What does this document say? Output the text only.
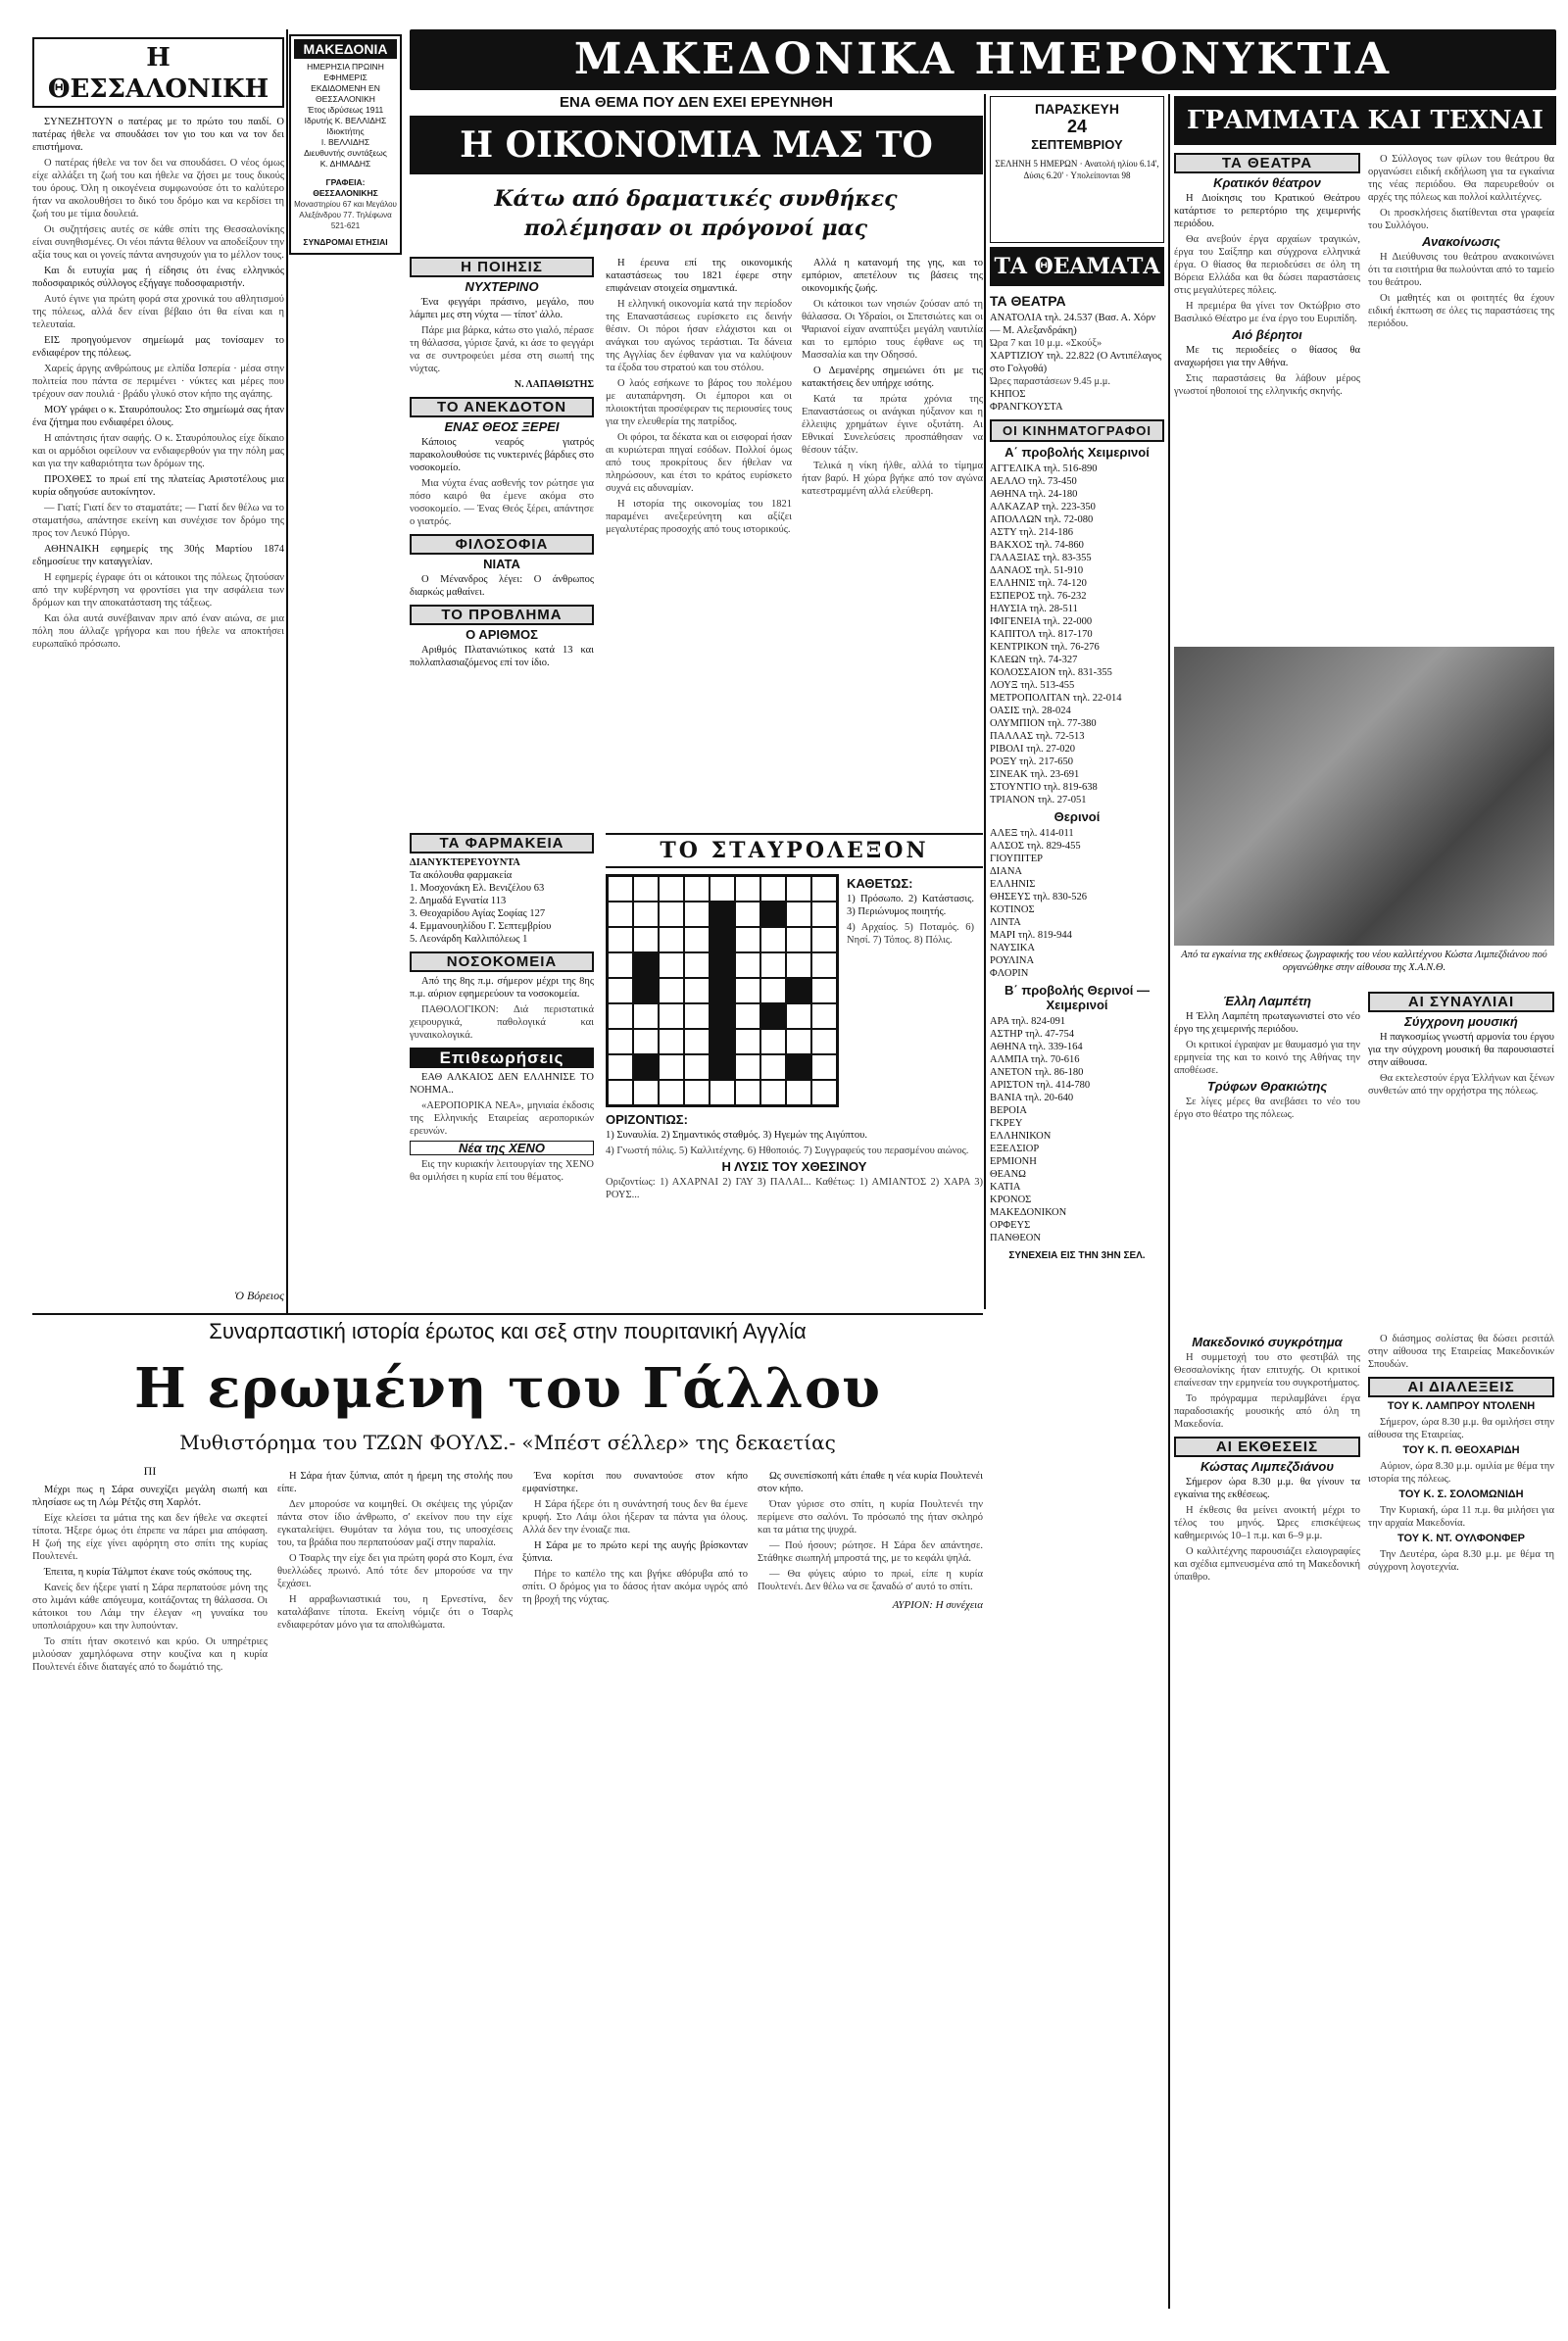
ΜΑΚΕΔΟΝΙΑ
ΗΜΕΡΗΣΙΑ ΠΡΩΙΝΗ ΕΦΗΜΕΡΙΣ
ΕΚΔΙΔΟΜΕΝΗ ΕΝ ΘΕΣΣΑΛΟΝΙΚΗ
Έτος ιδρύσεως 1911
Ιδρυτής Κ. ΒΕΛΛΙΔΗΣ
Ιδιοκτήτης
Ι. ΒΕΛΛΙΔΗΣ
Διευθυντής συντάξεως
Κ. ΔΗΜΑΔΗΣ
ΓΡΑΦΕΙΑ: ΘΕΣΣΑΛΟΝΙΚΗΣ
Μοναστηρίου 67 και Μεγάλου Αλεξάνδρου 77. Τηλέφωνα 521-621
ΣΥΝΔΡΟΜΑΙ ΕΤΗΣΙΑΙ
ΜΑΚΕΔΟΝΙΚΑ ΗΜΕΡΟΝΥΚΤΙΑ
ΠΑΡΑΣΚΕΥΗ
24
ΣΕΠΤΕΜΒΡΙΟΥ
ΣΕΛΗΝΗ 5 ΗΜΕΡΩΝ · Ανατολή ηλίου 6.14', Δύσις 6.20' · Υπολείπονται 98
Η ΘΕΣΣΑΛΟΝΙΚΗ

ΣΥΝΕΖΗΤΟΥΝ ο πατέρας με το πρώτο του παιδί. Ο πατέρας ήθελε να σπουδάσει τον γιο του και να τον δει επιστήμονα.

Ο πατέρας ήθελε να τον δει να σπουδάσει. Ο νέος όμως είχε αλλάξει τη ζωή του και ήθελε να ζήσει με τους δικούς του όρους. Όλη η οικογένεια συμφωνούσε ότι το καλύτερο ήταν να ακολουθήσει το δικό του δρόμο και να κερδίσει τη ζωή του με τίμια δουλειά.

Οι συζητήσεις αυτές σε κάθε σπίτι της Θεσσαλονίκης είναι συνηθισμένες. Οι νέοι πάντα θέλουν να αποδείξουν την αξία τους και οι γονείς πάντα ανησυχούν για το μέλλον τους.

Και δι ευτυχία μας ή είδησις ότι ένας ελληνικός ποδοσφαιρικός σύλλογος εξήγαγε ποδοσφαιριστήν.

Αυτό έγινε για πρώτη φορά στα χρονικά του αθλητισμού της πόλεως, αλλά δεν είναι βέβαιο ότι θα είναι και η τελευταία.

ΕΙΣ προηγούμενον σημείωμά μας τονίσαμεν το ενδιαφέρον της πόλεως.

Χαρείς άργης ανθρώπους με ελπίδα Ισπερία · μέσα στην πολιτεία που πάντα σε περιμένει · νύκτες και μέρες που τρέχουν σαν πουλιά · βράδυ γλυκό στον κήπο της αγάπης.

ΜΟΥ γράφει ο κ. Σταυρόπουλος: Στο σημείωμά σας ήταν ένα ζήτημα που ενδιαφέρει όλους.

Η απάντησις ήταν σαφής. Ο κ. Σταυρόπουλος είχε δίκαιο και οι αρμόδιοι οφείλουν να ενδιαφερθούν για την πόλη μας και για την καθαριότητα των δρόμων της.

ΠΡΟΧΘΕΣ το πρωί επί της πλατείας Αριστοτέλους μια κυρία οδηγούσε αυτοκίνητον.

— Γιατί; Γιατί δεν το σταματάτε; — Γιατί δεν θέλω να το σταματήσω, απάντησε εκείνη και συνέχισε τον δρόμο της προς τον Λευκό Πύργο.

ΑΘΗΝΑΙΚΗ εφημερίς της 30ής Μαρτίου 1874 εδημοσίευε την καταγγελίαν.

Η εφημερίς έγραφε ότι οι κάτοικοι της πόλεως ζητούσαν από την κυβέρνηση να φροντίσει για την ασφάλεια των δρόμων και την αποκατάσταση της τάξεως.

Και όλα αυτά συνέβαιναν πριν από έναν αιώνα, σε μια πόλη που άλλαζε γρήγορα και που ήθελε να αποκτήσει ευρωπαϊκό πρόσωπο.

Ὁ Βόρειος
ΕΝΑ ΘΕΜΑ ΠΟΥ ΔΕΝ ΕΧΕΙ ΕΡΕΥΝΗΘΗ
Η ΟΙΚΟΝΟΜΙΑ ΜΑΣ ΤΟ
Κάτω από δραματικές συνθήκες πολέμησαν οι πρόγονοί μας
Η ΠΟΙΗΣΙΣ
ΝΥΧΤΕΡΙΝΟ

Ένα φεγγάρι πράσινο, μεγάλο, που λάμπει μες στη νύχτα — τίποτ' άλλο.

Πάρε μια βάρκα, κάτω στο γιαλό, πέρασε τη θάλασσα, γύρισε ξανά, κι άσε το φεγγάρι να σε συντροφεύει μέσα στη σιωπή της νύχτας.

Ν. ΛΑΠΑΘΙΩΤΗΣ
ΤΟ ΑΝΕΚΔΟΤΟΝ
ΕΝΑΣ ΘΕΟΣ ΞΕΡΕΙ

Κάποιος νεαρός γιατρός παρακολουθούσε τις νυκτερινές βάρδιες στο νοσοκομείο.

Μια νύχτα ένας ασθενής τον ρώτησε για πόσο καιρό θα έμενε ακόμα στο νοσοκομείο. — Ένας Θεός ξέρει, απάντησε ο γιατρός.

ΦΙΛΟΣΟΦΙΑ
ΝΙΑΤΑ

Ο Μένανδρος λέγει: Ο άνθρωπος διαρκώς μαθαίνει.

ΤΟ ΠΡΟΒΛΗΜΑ
Ο ΑΡΙΘΜΟΣ

Αριθμός Πλατανιώτικος κατά 13 και πολλαπλασιαζόμενος επί τον ίδιο.

Η έρευνα επί της οικονομικής καταστάσεως του 1821 έφερε στην επιφάνειαν στοιχεία σημαντικά.

Η ελληνική οικονομία κατά την περίοδον της Επαναστάσεως ευρίσκετο εις δεινήν θέσιν. Οι πόροι ήσαν ελάχιστοι και οι ανάγκαι του αγώνος τεράστιαι. Τα δάνεια της Αγγλίας δεν έφθαναν για να καλύψουν τα έξοδα του στρατού και του στόλου.

Ο λαός εσήκωνε το βάρος του πολέμου με αυταπάρνηση. Οι έμποροι και οι πλοιοκτήται προσέφεραν τις περιουσίες τους για την ελευθερία της πατρίδος.

Οι φόροι, τα δέκατα και οι εισφοραί ήσαν αι κυριώτεραι πηγαί εσόδων. Πολλοί όμως από τους προκρίτους δεν ήθελαν να πληρώσουν, και έτσι το κράτος ευρίσκετο συχνά εις αδυναμίαν.

Η ιστορία της οικονομίας του 1821 παραμένει ανεξερεύνητη και αξίζει μεγαλυτέρας προσοχής από τους ιστορικούς.

Αλλά η κατανομή της γης, και το εμπόριον, απετέλουν τις βάσεις της οικονομικής ζωής.

Οι κάτοικοι των νησιών ζούσαν από τη θάλασσα. Οι Υδραίοι, οι Σπετσιώτες και οι Ψαριανοί είχαν αναπτύξει μεγάλη ναυτιλία και το εμπόριο τους έφθανε ως τη Μασσαλία και την Οδησσό.

Ο Δεμανέρης σημειώνει ότι με τις κατακτήσεις δεν υπήρχε ισότης.

Κατά τα πρώτα χρόνια της Επαναστάσεως οι ανάγκαι ηύξανον και η έλλειψις χρημάτων έγινε οξυτάτη. Αι Εθνικαί Συνελεύσεις προσπάθησαν να θέσουν τάξιν.

Τελικά η νίκη ήλθε, αλλά το τίμημα ήταν βαρύ. Η χώρα βγήκε από τον αγώνα κατεστραμμένη αλλά ελεύθερη.

ΤΑ ΦΑΡΜΑΚΕΙΑ
ΔΙΑΝΥΚΤΕΡΕΥΟΥΝΤΑ
Τα ακόλουθα φαρμακεία
1. Μοσχονάκη Ελ. Βενιζέλου 63
2. Δημαδά Εγνατία 113
3. Θεοχαρίδου Αγίας Σοφίας 127
4. Εμμανουηλίδου Γ. Σεπτεμβρίου
5. Λεονάρδη Καλλιπόλεως 1
ΝΟΣΟΚΟΜΕΙΑ

Από της 8ης π.μ. σήμερον μέχρι της 8ης π.μ. αύριον εφημερεύουν τα νοσοκομεία.

ΠΑΘΟΛΟΓΙΚΟΝ: Διά περιστατικά χειρουργικά, παθολογικά και γυναικολογικά.

Επιθεωρήσεις

ΕΑΘ ΑΛΚΑΙΟΣ ΔΕΝ ΕΛΛΗΝΙΣΕ ΤΟ ΝΟΗΜΑ..

«ΑΕΡΟΠΟΡΙΚΑ ΝΕΑ», μηνιαία έκδοσις της Ελληνικής Εταιρείας αεροπορικών ερευνών.

Νέα της ΧΕΝΟ

Εις την κυριακήν λειτουργίαν της ΧΕΝΟ θα ομιλήσει η κυρία επί του θέματος.

ΤΟ ΣΤΑΥΡΟΛΕΞΟΝ
ΚΑΘΕΤΩΣ:

1) Πρόσωπο. 2) Κατάστασις. 3) Περιώνυμος ποιητής.

4) Αρχαίος. 5) Ποταμός. 6) Νησί. 7) Τόπος. 8) Πόλις.

ΟΡΙΖΟΝΤΙΩΣ:

1) Συναυλία. 2) Σημαντικός σταθμός. 3) Ηγεμών της Αιγύπτου.

4) Γνωστή πόλις. 5) Καλλιτέχνης. 6) Ηθοποιός. 7) Συγγραφεύς του περασμένου αιώνος.

Η ΛΥΣΙΣ ΤΟΥ ΧΘΕΣΙΝΟΥ

Οριζοντίως: 1) ΑΧΑΡΝΑΙ 2) ΓΑΥ 3) ΠΑΛΑΙ... Καθέτως: 1) ΑΜΙΑΝΤΟΣ 2) ΧΑΡΑ 3) ΡΟΥΣ...

ΤΑ ΘΕΑΜΑΤΑ
ΤΑ ΘΕΑΤΡΑ
ΑΝΑΤΟΛΙΑ τηλ. 24.537 (Βασ. Α. Χόρν — Μ. Αλεξανδράκη)
Ώρα 7 και 10 μ.μ. «Σκούξ»
ΧΑΡΤΙΖΙΟΥ τηλ. 22.822 (Ο Αντιπέλαγος στο Γολγοθά)
Ώρες παραστάσεων 9.45 μ.μ.
ΚΗΠΟΣ
ΦΡΑΝΓΚΟΥΣΤΑ
ΟΙ ΚΙΝΗΜΑΤΟΓΡΑΦΟΙ
Α΄ προβολής Χειμερινοί
ΑΓΓΕΛΙΚΑ τηλ. 516-890
ΑΕΛΛΟ τηλ. 73-450
ΑΘΗΝΑ τηλ. 24-180
ΑΛΚΑΖΑΡ τηλ. 223-350
ΑΠΟΛΛΩΝ τηλ. 72-080
ΑΣΤΥ τηλ. 214-186
ΒΑΚΧΟΣ τηλ. 74-860
ΓΑΛΑΞΙΑΣ τηλ. 83-355
ΔΑΝΑΟΣ τηλ. 51-910
ΕΛΛΗΝΙΣ τηλ. 74-120
ΕΣΠΕΡΟΣ τηλ. 76-232
ΗΛΥΣΙΑ τηλ. 28-511
ΙΦΙΓΕΝΕΙΑ τηλ. 22-000
ΚΑΠΙΤΟΛ τηλ. 817-170
ΚΕΝΤΡΙΚΟΝ τηλ. 76-276
ΚΛΕΩΝ τηλ. 74-327
ΚΟΛΟΣΣΑΙΟΝ τηλ. 831-355
ΛΟΥΞ τηλ. 513-455
ΜΕΤΡΟΠΟΛΙΤΑΝ τηλ. 22-014
ΟΑΣΙΣ τηλ. 28-024
ΟΛΥΜΠΙΟΝ τηλ. 77-380
ΠΑΛΛΑΣ τηλ. 72-513
ΡΙΒΟΛΙ τηλ. 27-020
ΡΟΞΥ τηλ. 217-650
ΣΙΝΕΑΚ τηλ. 23-691
ΣΤΟΥΝΤΙΟ τηλ. 819-638
ΤΡΙΑΝΟΝ τηλ. 27-051
Θερινοί
ΑΛΕΞ τηλ. 414-011
ΑΛΣΟΣ τηλ. 829-455
ΓΙΟΥΠΙΤΕΡ
ΔΙΑΝΑ
ΕΛΛΗΝΙΣ
ΘΗΣΕΥΣ τηλ. 830-526
ΚΟΤΙΝΟΣ
ΛΙΝΤΑ
ΜΑΡΙ τηλ. 819-944
ΝΑΥΣΙΚΑ
ΡΟΥΛΙΝΑ
ΦΛΟΡΙΝ
Β΄ προβολής Θερινοί — Χειμερινοί
ΑΡΑ τηλ. 824-091
ΑΣΤΗΡ τηλ. 47-754
ΑΘΗΝΑ τηλ. 339-164
ΑΛΜΠΑ τηλ. 70-616
ΑΝΕΤΟΝ τηλ. 86-180
ΑΡΙΣΤΟΝ τηλ. 414-780
ΒΑΝΙΑ τηλ. 20-640
ΒΕΡΟΙΑ
ΓΚΡΕΥ
ΕΛΛΗΝΙΚΟΝ
ΕΞΕΛΣΙΟΡ
ΕΡΜΙΟΝΗ
ΘΕΑΝΩ
ΚΑΤΙΑ
ΚΡΟΝΟΣ
ΜΑΚΕΔΟΝΙΚΟΝ
ΟΡΦΕΥΣ
ΠΑΝΘΕΟΝ
ΣΥΝΕΧΕΙΑ ΕΙΣ ΤΗΝ 3ΗΝ ΣΕΛ.
ΓΡΑΜΜΑΤΑ ΚΑΙ ΤΕΧΝΑΙ
ΤΑ ΘΕΑΤΡΑ
Κρατικόν θέατρον

Η Διοίκησις του Κρατικού Θεάτρου κατάρτισε το ρεπερτόριο της χειμερινής περιόδου.

Θα ανεβούν έργα αρχαίων τραγικών, έργα του Σαίξπηρ και σύγχρονα ελληνικά έργα. Ο θίασος θα περιοδεύσει σε όλη τη Βόρεια Ελλάδα και θα δώσει παραστάσεις στις μεγαλύτερες πόλεις.

Η πρεμιέρα θα γίνει τον Οκτώβριο στο Βασιλικό Θέατρο με ένα έργο του Ευριπίδη.

Αιό βέρητοι

Με τις περιοδείες ο θίασος θα αναχωρήσει για την Αθήνα.

Στις παραστάσεις θα λάβουν μέρος γνωστοί ηθοποιοί της ελληνικής σκηνής.

Ο Σύλλογος των φίλων του θεάτρου θα οργανώσει ειδική εκδήλωση για τα εγκαίνια της νέας περιόδου. Θα παρευρεθούν οι αρχές της πόλεως και πολλοί καλλιτέχνες.

Οι προσκλήσεις διατίθενται στα γραφεία του Συλλόγου.

Ανακοίνωσις

Η Διεύθυνσις του θεάτρου ανακοινώνει ότι τα εισιτήρια θα πωλούνται από το ταμείο του θεάτρου.

Οι μαθητές και οι φοιτητές θα έχουν ειδική έκπτωση σε όλες τις παραστάσεις της περιόδου.

Από τα εγκαίνια της εκθέσεως ζωγραφικής του νέου καλλιτέχνου Κώστα Λιμπεζδιάνου πού οργανώθηκε στην αίθουσα της Χ.Α.Ν.Θ.
Έλλη Λαμπέτη

Η Έλλη Λαμπέτη πρωταγωνιστεί στο νέο έργο της χειμερινής περιόδου.

Οι κριτικοί έγραψαν με θαυμασμό για την ερμηνεία της και το κοινό της Αθήνας την αποθέωσε.

Τρύφων Θρακιώτης

Σε λίγες μέρες θα ανεβάσει το νέο του έργο στο θέατρο της πόλεως.

ΑΙ ΣΥΝΑΥΛΙΑΙ
Σύγχρονη μουσική

Η παγκοσμίως γνωστή αρμονία του έργου για την σύγχρονη μουσική θα παρουσιαστεί στην αίθουσα.

Θα εκτελεστούν έργα Έλλήνων και ξένων συνθετών από την ορχήστρα της πόλεως.

Μακεδονικό συγκρότημα

Η συμμετοχή του στο φεστιβάλ της Θεσσαλονίκης ήταν επιτυχής. Οι κριτικοί επαίνεσαν την ερμηνεία του συγκροτήματος.

Το πρόγραμμα περιλαμβάνει έργα παραδοσιακής μουσικής από όλη τη Μακεδονία.

ΑΙ ΕΚΘΕΣΕΙΣ
Κώστας Λιμπεζδιάνου

Σήμερον ώρα 8.30 μ.μ. θα γίνουν τα εγκαίνια της εκθέσεως.

Η έκθεσις θα μείνει ανοικτή μέχρι το τέλος του μηνός. Ώρες επισκέψεως καθημερινώς 10–1 π.μ. και 6–9 μ.μ.

Ο καλλιτέχνης παρουσιάζει ελαιογραφίες και σχέδια εμπνευσμένα από τη Μακεδονική ύπαιθρο.

Ο διάσημος σολίστας θα δώσει ρεσιτάλ στην αίθουσα της Εταιρείας Μακεδονικών Σπουδών.

ΑΙ ΔΙΑΛΕΞΕΙΣ
ΤΟΥ Κ. ΛΑΜΠΡΟΥ ΝΤΟΛΕΝΗ

Σήμερον, ώρα 8.30 μ.μ. θα ομιλήσει στην αίθουσα της Εταιρείας.

ΤΟΥ Κ. Π. ΘΕΟΧΑΡΙΔΗ

Αύριον, ώρα 8.30 μ.μ. ομιλία με θέμα την ιστορία της πόλεως.

ΤΟΥ Κ. Σ. ΣΟΛΟΜΩΝΙΔΗ

Την Κυριακή, ώρα 11 π.μ. θα μιλήσει για την αρχαία Μακεδονία.

ΤΟΥ Κ. ΝΤ. ΟΥΛΦΟΝΦΕΡ

Την Δευτέρα, ώρα 8.30 μ.μ. με θέμα τη σύγχρονη λογοτεχνία.

Συναρπαστική ιστορία έρωτος και σεξ στην πουριτανική Αγγλία
Η ερωμένη του Γάλλου
Μυθιστόρημα του ΤΖΩΝ ΦΟΥΛΣ.- «Μπέστ σέλλερ» της δεκαετίας
ΠΙ

Μέχρι πως η Σάρα συνεχίζει μεγάλη σιωπή και πλησίασε ως τη Λώμ Ρέτζις στη Χαρλότ.

Είχε κλείσει τα μάτια της και δεν ήθελε να σκεφτεί τίποτα. Ήξερε όμως ότι έπρεπε να πάρει μια απόφαση. Η ζωή της είχε γίνει αφόρητη στο σπίτι της κυρίας Πουλτενέι.

Έπειτα, η κυρία Τάλμποτ έκανε τούς σκόπους της.

Κανείς δεν ήξερε γιατί η Σάρα περπατούσε μόνη της στο λιμάνι κάθε απόγευμα, κοιτάζοντας τη θάλασσα. Οι κάτοικοι του Λάιμ την έλεγαν «η γυναίκα του υποπλοιάρχου» και την λυπούνταν.

Το σπίτι ήταν σκοτεινό και κρύο. Οι υπηρέτριες μιλούσαν χαμηλόφωνα στην κουζίνα και η κυρία Πουλτενέι έδινε διαταγές από το δωμάτιό της.

Η Σάρα ήταν ξύπνια, απότ η ήρεμη της στολής που είπε.

Δεν μπορούσε να κοιμηθεί. Οι σκέψεις της γύριζαν πάντα στον ίδιο άνθρωπο, σ' εκείνον που την είχε εγκαταλείψει. Θυμόταν τα λόγια του, τις υποσχέσεις του, τα βράδια που περπατούσαν μαζί στην παραλία.

Ο Τσαρλς την είχε δει για πρώτη φορά στο Κομπ, ένα θυελλώδες πρωινό. Από τότε δεν μπορούσε να την ξεχάσει.

Η αρραβωνιαστικιά του, η Ερνεστίνα, δεν καταλάβαινε τίποτα. Εκείνη νόμιζε ότι ο Τσαρλς ενδιαφερόταν μόνο για τα απολιθώματα.

Ένα κορίτσι που συναντούσε στον κήπο εμφανίστηκε.

Η Σάρα ήξερε ότι η συνάντησή τους δεν θα έμενε κρυφή. Στο Λάιμ όλοι ήξεραν τα πάντα για όλους. Αλλά δεν την ένοιαζε πια.

Η Σάρα με το πρώτο κερί της αυγής βρίσκονταν ξύπνια.

Πήρε το καπέλο της και βγήκε αθόρυβα από το σπίτι. Ο δρόμος για το δάσος ήταν ακόμα υγρός από τη βροχή της νύχτας.

Ως συνεπίσκοπή κάτι έπαθε η νέα κυρία Πουλτενέι στον κήπο.

Όταν γύρισε στο σπίτι, η κυρία Πουλτενέι την περίμενε στο σαλόνι. Το πρόσωπό της ήταν σκληρό και τα μάτια της ψυχρά.

— Πού ήσουν; ρώτησε. Η Σάρα δεν απάντησε. Στάθηκε σιωπηλή μπροστά της, με το κεφάλι ψηλά.

— Θα φύγεις αύριο το πρωί, είπε η κυρία Πουλτενέι. Δεν θέλω να σε ξαναδώ σ' αυτό το σπίτι.

ΑΥΡΙΟΝ: Η συνέχεια
